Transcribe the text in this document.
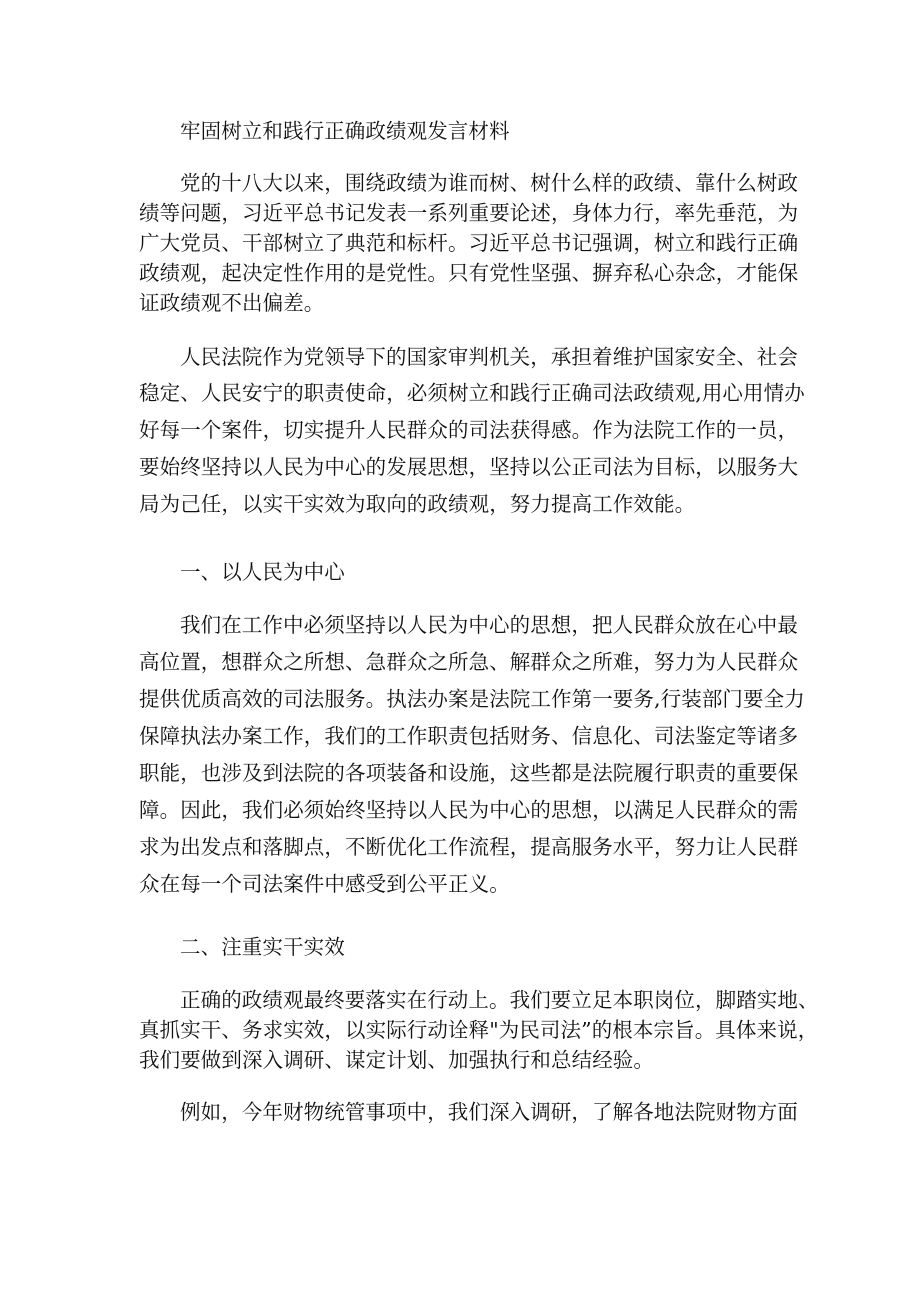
牢固树立和践行正确政绩观发言材料
党的十八大以来，围绕政绩为谁而树、树什么样的政绩、靠什么树政
绩等问题，习近平总书记发表一系列重要论述，身体力行，率先垂范，为
广大党员、干部树立了典范和标杆。习近平总书记强调，树立和践行正确
政绩观，起决定性作用的是党性。只有党性坚强、摒弃私心杂念，才能保
证政绩观不出偏差。
人民法院作为党领导下的国家审判机关，承担着维护国家安全、社会
稳定、人民安宁的职责使命，必须树立和践行正确司法政绩观,用心用情办
好每一个案件，切实提升人民群众的司法获得感。作为法院工作的一员，
要始终坚持以人民为中心的发展思想，坚持以公正司法为目标，以服务大
局为己任，以实干实效为取向的政绩观，努力提高工作效能。
一、以人民为中心
我们在工作中必须坚持以人民为中心的思想，把人民群众放在心中最
高位置，想群众之所想、急群众之所急、解群众之所难，努力为人民群众
提供优质高效的司法服务。执法办案是法院工作第一要务,行装部门要全力
保障执法办案工作，我们的工作职责包括财务、信息化、司法鉴定等诸多
职能，也涉及到法院的各项装备和设施，这些都是法院履行职责的重要保
障。因此，我们必须始终坚持以人民为中心的思想，以满足人民群众的需
求为出发点和落脚点，不断优化工作流程，提高服务水平，努力让人民群
众在每一个司法案件中感受到公平正义。
二、注重实干实效
正确的政绩观最终要落实在行动上。我们要立足本职岗位，脚踏实地、
真抓实干、务求实效，以实际行动诠释"为民司法”的根本宗旨。具体来说，
我们要做到深入调研、谋定计划、加强执行和总结经验。
例如，今年财物统管事项中，我们深入调研，了解各地法院财物方面
